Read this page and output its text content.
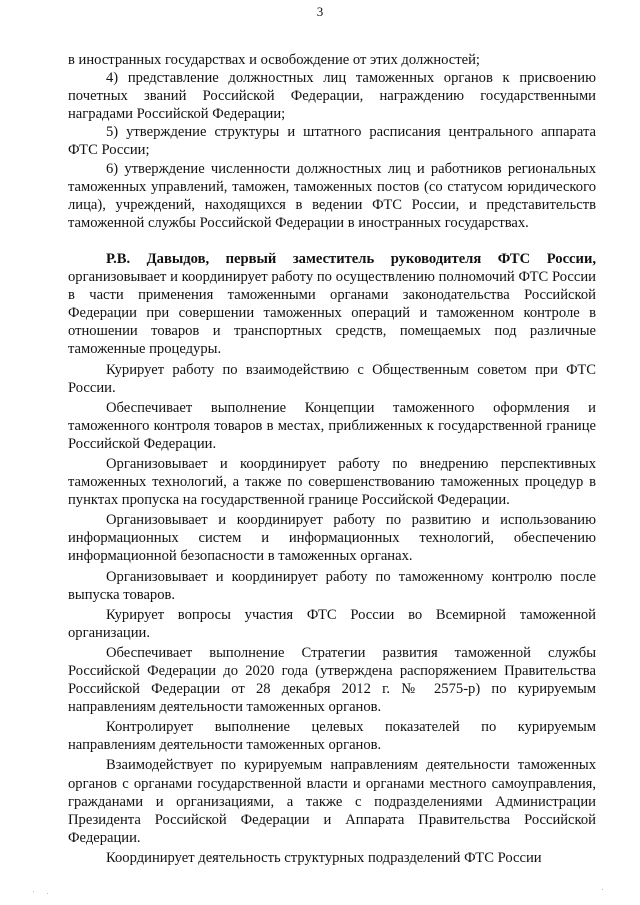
3

в иностранных государствах и освобождение от этих должностей;

4) представление должностных лиц таможенных органов к присвоению почетных званий Российской Федерации, награждению государственными наградами Российской Федерации;

5) утверждение структуры и штатного расписания центрального аппарата ФТС России;

6) утверждение численности должностных лиц и работников региональных таможенных управлений, таможен, таможенных постов (со статусом юридического лица), учреждений, находящихся в ведении ФТС России, и представительств таможенной службы Российской Федерации в иностранных государствах.

Р.В. Давыдов, первый заместитель руководителя ФТС России, организовывает и координирует работу по осуществлению полномочий ФТС России в части применения таможенными органами законодательства Российской Федерации при совершении таможенных операций и таможенном контроле в отношении товаров и транспортных средств, помещаемых под различные таможенные процедуры.

Курирует работу по взаимодействию с Общественным советом при ФТС России.

Обеспечивает выполнение Концепции таможенного оформления и таможенного контроля товаров в местах, приближенных к государственной границе Российской Федерации.

Организовывает и координирует работу по внедрению перспективных таможенных технологий, а также по совершенствованию таможенных процедур в пунктах пропуска на государственной границе Российской Федерации.

Организовывает и координирует работу по развитию и использованию информационных систем и информационных технологий, обеспечению информационной безопасности в таможенных органах.

Организовывает и координирует работу по таможенному контролю после выпуска товаров.

Курирует вопросы участия ФТС России во Всемирной таможенной организации.

Обеспечивает выполнение Стратегии развития таможенной службы Российской Федерации до 2020 года (утверждена распоряжением Правительства Российской Федерации от 28 декабря 2012 г. № 2575-р) по курируемым направлениям деятельности таможенных органов.

Контролирует выполнение целевых показателей по курируемым направлениям деятельности таможенных органов.

Взаимодействует по курируемым направлениям деятельности таможенных органов с органами государственной власти и органами местного самоуправления, гражданами и организациями, а также с подразделениями Администрации Президента Российской Федерации и Аппарата Правительства Российской Федерации.

Координирует деятельность структурных подразделений ФТС России
